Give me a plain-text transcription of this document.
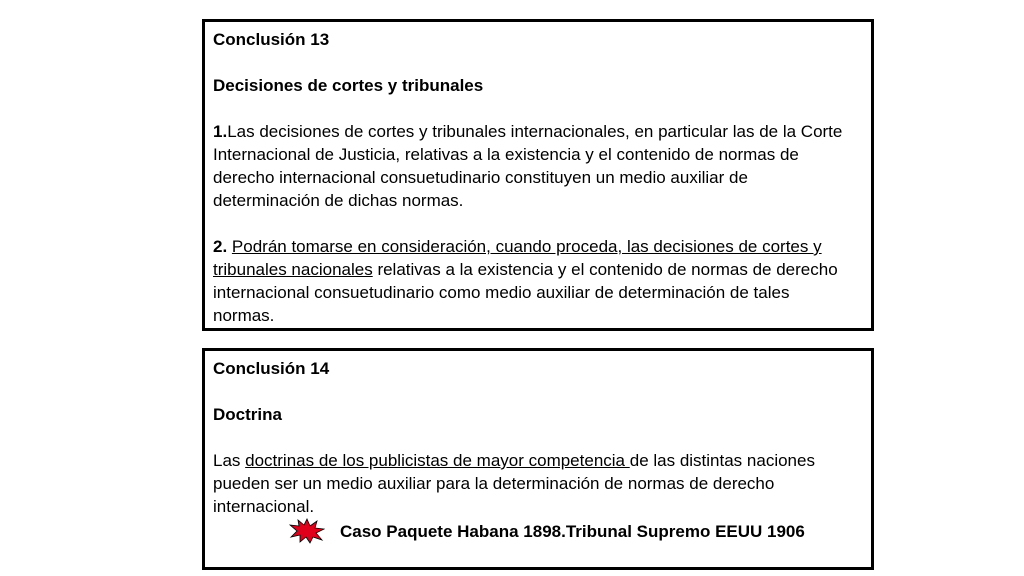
Conclusión 13
Decisiones de cortes y tribunales
1.Las decisiones de cortes y tribunales internacionales, en particular las de la Corte
Internacional de Justicia, relativas a la existencia y el contenido de normas de
derecho internacional consuetudinario constituyen un medio auxiliar de
determinación de dichas normas.
2. Podrán tomarse en consideración, cuando proceda, las decisiones de cortes y
tribunales nacionales relativas a la existencia y el contenido de normas de derecho
internacional consuetudinario como medio auxiliar de determinación de tales
normas.
Conclusión 14
Doctrina
Las doctrinas de los publicistas de mayor competencia de las distintas naciones
pueden ser un medio auxiliar para la determinación de normas de derecho
internacional.
Caso Paquete Habana 1898.Tribunal Supremo EEUU 1906
